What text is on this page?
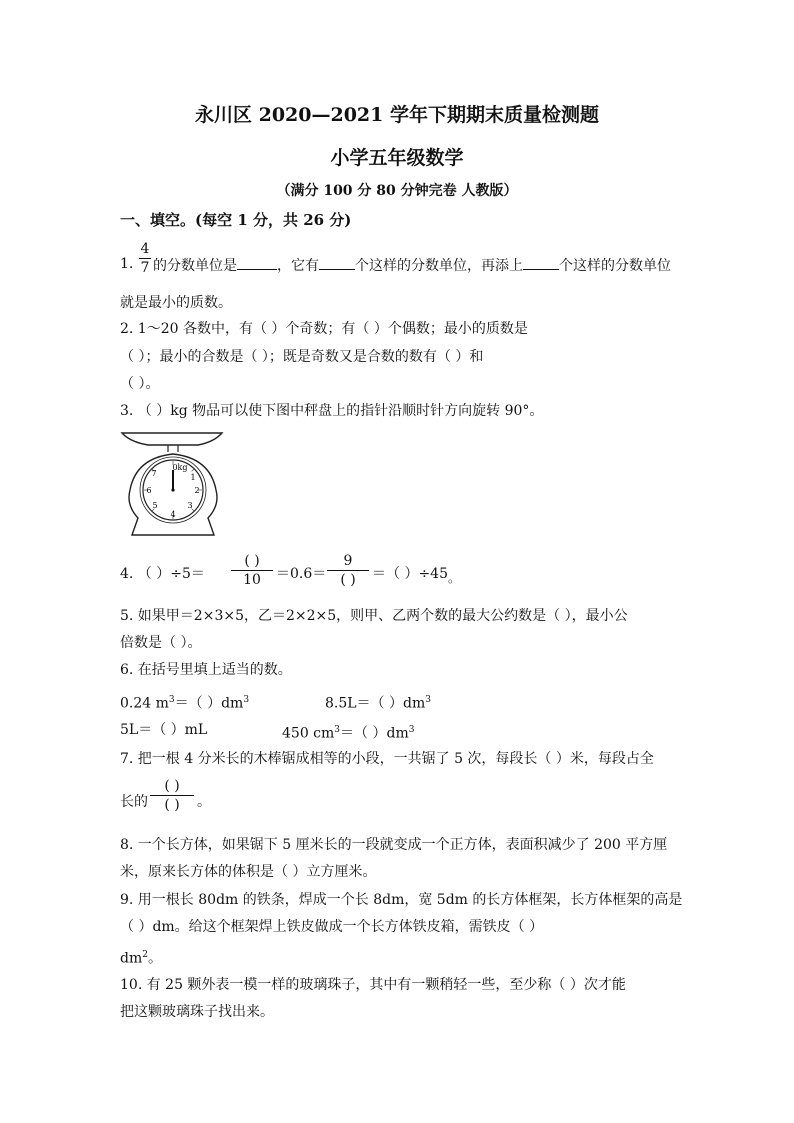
永川区 2020—2021 学年下期期末质量检测题
小学五年级数学
（满分 100 分 80 分钟完卷 人教版）
一、填空。(每空 1 分，共 26 分)
1.
4
7 的分数单位是	，它有	个这样的分数单位，再添上	个这样的分数单位
就是最小的质数。
2. 1～20 各数中，有（ ）个奇数；有（ ）个偶数；最小的质数是
（ ）；最小的合数是（ ）；既是奇数又是合数的数有（ ）和
（ ）。
3. （ ）kg 物品可以使下图中秤盘上的指针沿顺时针方向旋转 90°。
0kg
1
2
3
4
5
6
7
4. （ ）÷5＝
( )
10	＝0.6＝
9
( )	＝（ ）÷45。
5. 如果甲＝2×3×5，乙＝2×2×5，则甲、乙两个数的最大公约数是（ ），最小公
倍数是（ ）。
6. 在括号里填上适当的数。
0.24 $m^3=$（ ）$dm^3$	8.5L＝（ ）$dm^3$
5L＝（ ）mL	450 $cm^3=$（ ）$dm^3$
7. 把一根 4 分米长的木棒锯成相等的小段，一共锯了 5 次，每段长（ ）米，每段占全
长的
( )
( )	。
8. 一个长方体，如果锯下 5 厘米长的一段就变成一个正方体，表面积减少了 200 平方厘
米，原来长方体的体积是（ ）立方厘米。
9. 用一根长 80dm 的铁条，焊成一个长 8dm，宽 5dm 的长方体框架，长方体框架的高是
（ ）dm。给这个框架焊上铁皮做成一个长方体铁皮箱，需铁皮（ ）
$dm^2$。
10. 有 25 颗外表一模一样的玻璃珠子，其中有一颗稍轻一些，至少称（ ）次才能
把这颗玻璃珠子找出来。
